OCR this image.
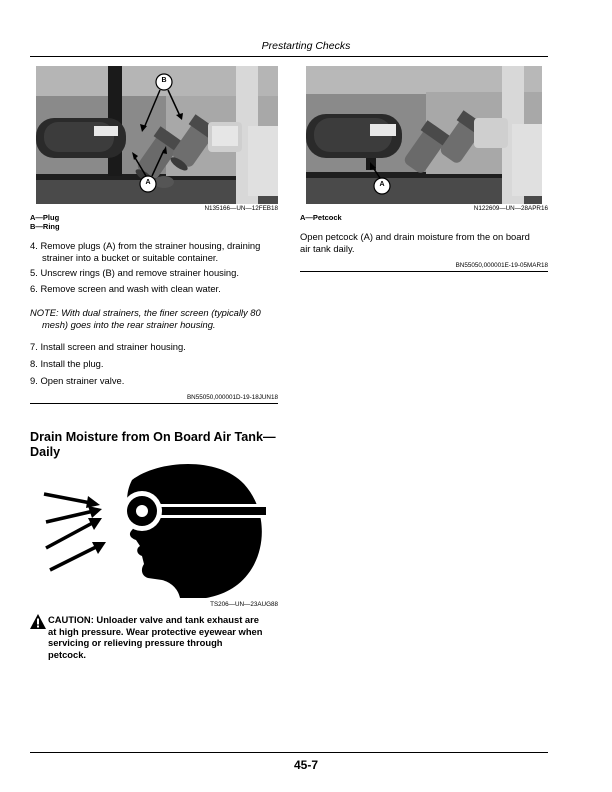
Prestarting Checks
B
A
N135166—UN—12FEB18
A—Plug
B—Ring
4. Remove plugs (A) from the strainer housing, draining
strainer into a bucket or suitable container.
5. Unscrew rings (B) and remove strainer housing.
6. Remove screen and wash with clean water.
NOTE: With dual strainers, the finer screen (typically 80
mesh) goes into the rear strainer housing.
7. Install screen and strainer housing.
8. Install the plug.
9. Open strainer valve.
BN55050,000001D-19-18JUN18
Drain Moisture from On Board Air Tank—
Daily
TS206—UN—23AUG88
CAUTION: Unloader valve and tank exhaust are
at high pressure. Wear protective eyewear when
servicing or relieving pressure through
petcock.
A
N122609—UN—28APR16
A—Petcock
Open petcock (A) and drain moisture from the on board
air tank daily.
BN55050,000001E-19-05MAR18
45-7
